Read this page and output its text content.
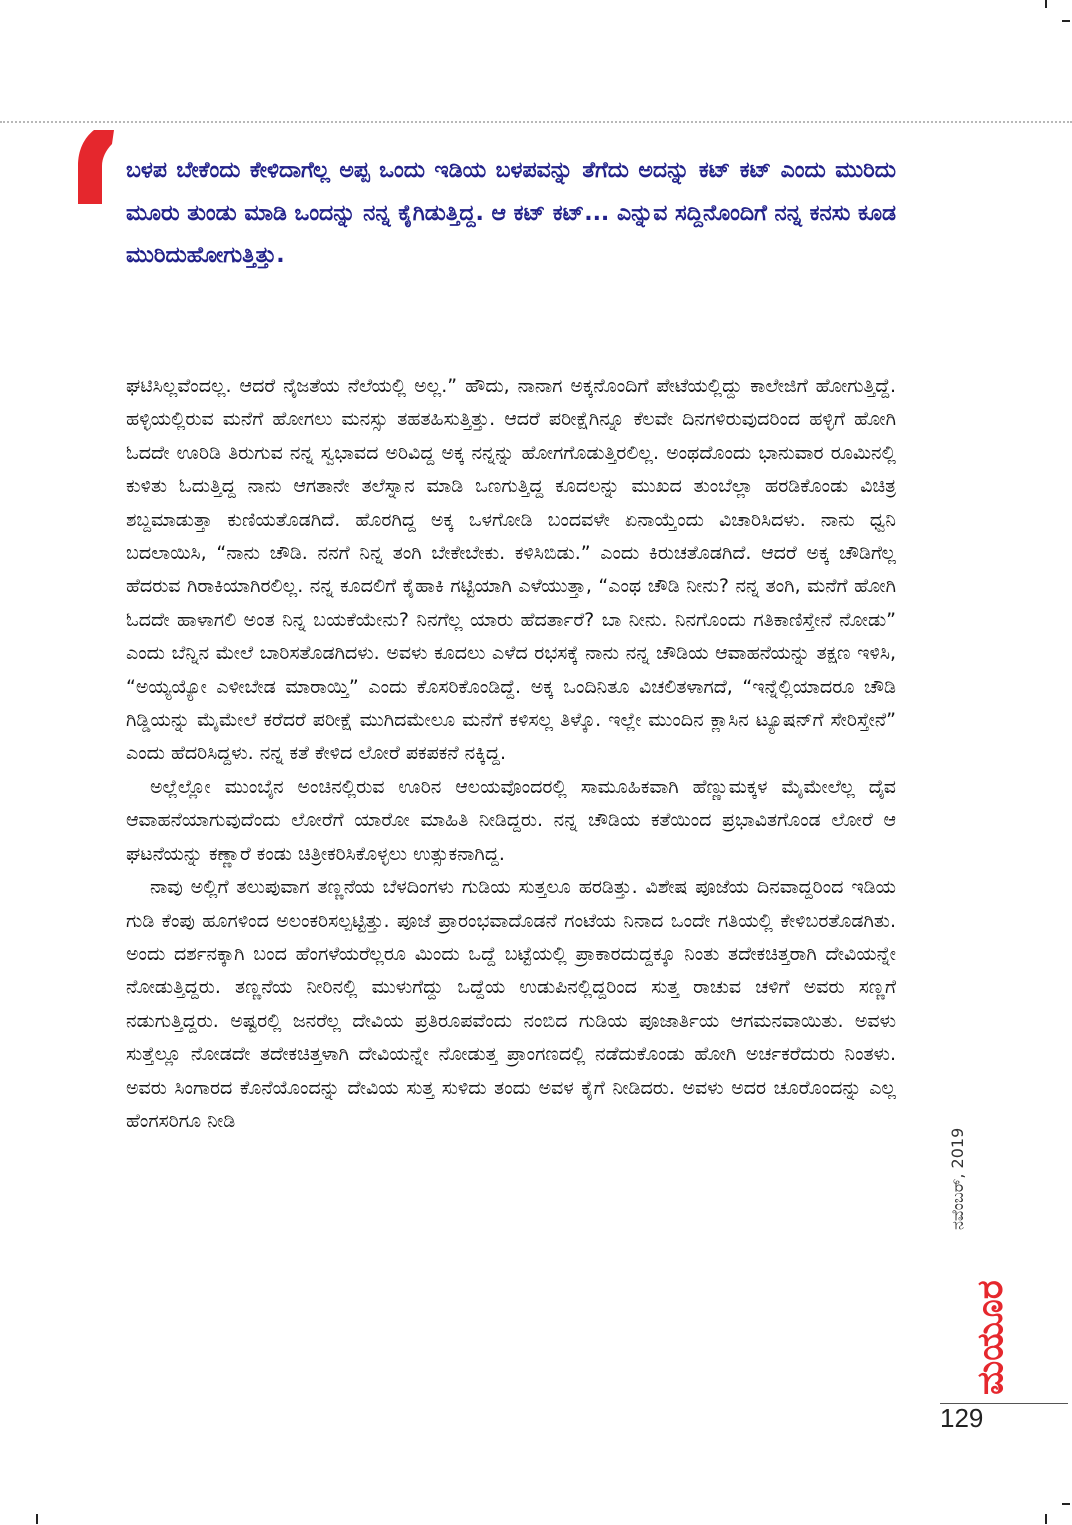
ಬಳಪ ಬೇಕೆಂದು ಕೇಳಿದಾಗೆಲ್ಲ ಅಪ್ಪ ಒಂದು ಇಡಿಯ ಬಳಪವನ್ನು ತೆಗೆದು ಅದನ್ನು ಕಟ್ ಕಟ್ ಎಂದು ಮುರಿದು ಮೂರು ತುಂಡು ಮಾಡಿ ಒಂದನ್ನು ನನ್ನ ಕೈಗಿಡುತ್ತಿದ್ದ. ಆ ಕಟ್ ಕಟ್... ಎನ್ನುವ ಸದ್ದಿನೊಂದಿಗೆ ನನ್ನ ಕನಸು ಕೂಡ ಮುರಿದುಹೋಗುತ್ತಿತ್ತು.

ಘಟಿಸಿಲ್ಲವೆಂದಲ್ಲ. ಆದರೆ ನೈಜತೆಯ ನೆಲೆಯಲ್ಲಿ ಅಲ್ಲ.” ಹೌದು, ನಾನಾಗ ಅಕ್ಕನೊಂದಿಗೆ ಪೇಟೆಯಲ್ಲಿದ್ದು ಕಾಲೇಜಿಗೆ ಹೋಗುತ್ತಿದ್ದೆ. ಹಳ್ಳಿಯಲ್ಲಿರುವ ಮನೆಗೆ ಹೋಗಲು ಮನಸ್ಸು ತಹತಹಿಸುತ್ತಿತ್ತು. ಆದರೆ ಪರೀಕ್ಷೆಗಿನ್ನೂ ಕೆಲವೇ ದಿನಗಳಿರುವುದರಿಂದ ಹಳ್ಳಿಗೆ ಹೋಗಿ ಓದದೇ ಊರಿಡಿ ತಿರುಗುವ ನನ್ನ ಸ್ವಭಾವದ ಅರಿವಿದ್ದ ಅಕ್ಕ ನನ್ನನ್ನು ಹೋಗಗೊಡುತ್ತಿರಲಿಲ್ಲ. ಅಂಥದೊಂದು ಭಾನುವಾರ ರೂಮಿನಲ್ಲಿ ಕುಳಿತು ಓದುತ್ತಿದ್ದ ನಾನು ಆಗತಾನೇ ತಲೆಸ್ನಾನ ಮಾಡಿ ಒಣಗುತ್ತಿದ್ದ ಕೂದಲನ್ನು ಮುಖದ ತುಂಬೆಲ್ಲಾ ಹರಡಿಕೊಂಡು ವಿಚಿತ್ರ ಶಬ್ದಮಾಡುತ್ತಾ ಕುಣಿಯತೊಡಗಿದೆ. ಹೊರಗಿದ್ದ ಅಕ್ಕ ಒಳಗೋಡಿ ಬಂದವಳೇ ಏನಾಯ್ತೆಂದು ವಿಚಾರಿಸಿದಳು. ನಾನು ಧ್ವನಿ ಬದಲಾಯಿಸಿ, “ನಾನು ಚೌಡಿ. ನನಗೆ ನಿನ್ನ ತಂಗಿ ಬೇಕೇಬೇಕು. ಕಳಿಸಿಬಿಡು.” ಎಂದು ಕಿರುಚತೊಡಗಿದೆ. ಆದರೆ ಅಕ್ಕ ಚೌಡಿಗೆಲ್ಲ ಹೆದರುವ ಗಿರಾಕಿಯಾಗಿರಲಿಲ್ಲ. ನನ್ನ ಕೂದಲಿಗೆ ಕೈಹಾಕಿ ಗಟ್ಟಿಯಾಗಿ ಎಳೆಯುತ್ತಾ, “ಎಂಥ ಚೌಡಿ ನೀನು? ನನ್ನ ತಂಗಿ, ಮನೆಗೆ ಹೋಗಿ ಓದದೇ ಹಾಳಾಗಲಿ ಅಂತ ನಿನ್ನ ಬಯಕೆಯೇನು? ನಿನಗೆಲ್ಲ ಯಾರು ಹೆದರ್ತಾರೆ? ಬಾ ನೀನು. ನಿನಗೊಂದು ಗತಿಕಾಣಿಸ್ತೇನೆ ನೋಡು” ಎಂದು ಬೆನ್ನಿನ ಮೇಲೆ ಬಾರಿಸತೊಡಗಿದಳು. ಅವಳು ಕೂದಲು ಎಳೆದ ರಭಸಕ್ಕೆ ನಾನು ನನ್ನ ಚೌಡಿಯ ಆವಾಹನೆಯನ್ನು ತಕ್ಷಣ ಇಳಿಸಿ, “ಅಯ್ಯಯ್ಯೋ ಎಳೀಬೇಡ ಮಾರಾಯ್ತಿ” ಎಂದು ಕೊಸರಿಕೊಂಡಿದ್ದೆ. ಅಕ್ಕ ಒಂದಿನಿತೂ ವಿಚಲಿತಳಾಗದೆ, “ಇನ್ನೆಲ್ಲಿಯಾದರೂ ಚೌಡಿ ಗಿಡ್ಡಿಯನ್ನು ಮೈಮೇಲೆ ಕರೆದರೆ ಪರೀಕ್ಷೆ ಮುಗಿದಮೇಲೂ ಮನೆಗೆ ಕಳಿಸಲ್ಲ ತಿಳ್ಕೊ. ಇಲ್ಲೇ ಮುಂದಿನ ಕ್ಲಾಸಿನ ಟ್ಯೂಷನ್‌ಗೆ ಸೇರಿಸ್ತೇನೆ” ಎಂದು ಹೆದರಿಸಿದ್ದಳು. ನನ್ನ ಕತೆ ಕೇಳಿದ ಲೋರೆ ಪಕಪಕನೆ ನಕ್ಕಿದ್ದ.

ಅಲ್ಲೆಲ್ಲೋ ಮುಂಬೈನ ಅಂಚಿನಲ್ಲಿರುವ ಊರಿನ ಆಲಯವೊಂದರಲ್ಲಿ ಸಾಮೂಹಿಕವಾಗಿ ಹೆಣ್ಣುಮಕ್ಕಳ ಮೈಮೇಲೆಲ್ಲ ದೈವ ಆವಾಹನೆಯಾಗುವುದೆಂದು ಲೋರೆಗೆ ಯಾರೋ ಮಾಹಿತಿ ನೀಡಿದ್ದರು. ನನ್ನ ಚೌಡಿಯ ಕತೆಯಿಂದ ಪ್ರಭಾವಿತಗೊಂಡ ಲೋರೆ ಆ ಘಟನೆಯನ್ನು ಕಣ್ಣಾರೆ ಕಂಡು ಚಿತ್ರೀಕರಿಸಿಕೊಳ್ಳಲು ಉತ್ಸುಕನಾಗಿದ್ದ.

ನಾವು ಅಲ್ಲಿಗೆ ತಲುಪುವಾಗ ತಣ್ಣನೆಯ ಬೆಳದಿಂಗಳು ಗುಡಿಯ ಸುತ್ತಲೂ ಹರಡಿತ್ತು. ವಿಶೇಷ ಪೂಜೆಯ ದಿನವಾದ್ದರಿಂದ ಇಡಿಯ ಗುಡಿ ಕೆಂಪು ಹೂಗಳಿಂದ ಅಲಂಕರಿಸಲ್ಪಟ್ಟಿತ್ತು. ಪೂಜೆ ಪ್ರಾರಂಭವಾದೊಡನೆ ಗಂಟೆಯ ನಿನಾದ ಒಂದೇ ಗತಿಯಲ್ಲಿ ಕೇಳಿಬರತೊಡಗಿತು. ಅಂದು ದರ್ಶನಕ್ಕಾಗಿ ಬಂದ ಹೆಂಗಳೆಯರೆಲ್ಲರೂ ಮಿಂದು ಒದ್ದೆ ಬಟ್ಟೆಯಲ್ಲಿ ಪ್ರಾಕಾರದುದ್ದಕ್ಕೂ ನಿಂತು ತದೇಕಚಿತ್ತರಾಗಿ ದೇವಿಯನ್ನೇ ನೋಡುತ್ತಿದ್ದರು. ತಣ್ಣನೆಯ ನೀರಿನಲ್ಲಿ ಮುಳುಗೆದ್ದು ಒದ್ದೆಯ ಉಡುಪಿನಲ್ಲಿದ್ದರಿಂದ ಸುತ್ತ ರಾಚುವ ಚಳಿಗೆ ಅವರು ಸಣ್ಣಗೆ ನಡುಗುತ್ತಿದ್ದರು. ಅಷ್ಟರಲ್ಲಿ ಜನರೆಲ್ಲ ದೇವಿಯ ಪ್ರತಿರೂಪವೆಂದು ನಂಬಿದ ಗುಡಿಯ ಪೂಜಾರ್ತಿಯ ಆಗಮನವಾಯಿತು. ಅವಳು ಸುತ್ತೆಲ್ಲೂ ನೋಡದೇ ತದೇಕಚಿತ್ತಳಾಗಿ ದೇವಿಯನ್ನೇ ನೋಡುತ್ತ ಪ್ರಾಂಗಣದಲ್ಲಿ ನಡೆದುಕೊಂಡು ಹೋಗಿ ಅರ್ಚಕರೆದುರು ನಿಂತಳು. ಅವರು ಸಿಂಗಾರದ ಕೊನೆಯೊಂದನ್ನು ದೇವಿಯ ಸುತ್ತ ಸುಳಿದು ತಂದು ಅವಳ ಕೈಗೆ ನೀಡಿದರು. ಅವಳು ಅದರ ಚೂರೊಂದನ್ನು ಎಲ್ಲ ಹೆಂಗಸರಿಗೂ ನೀಡಿ

ನವೆಂಬರ್, 2019
ಮಯೂರ
129
